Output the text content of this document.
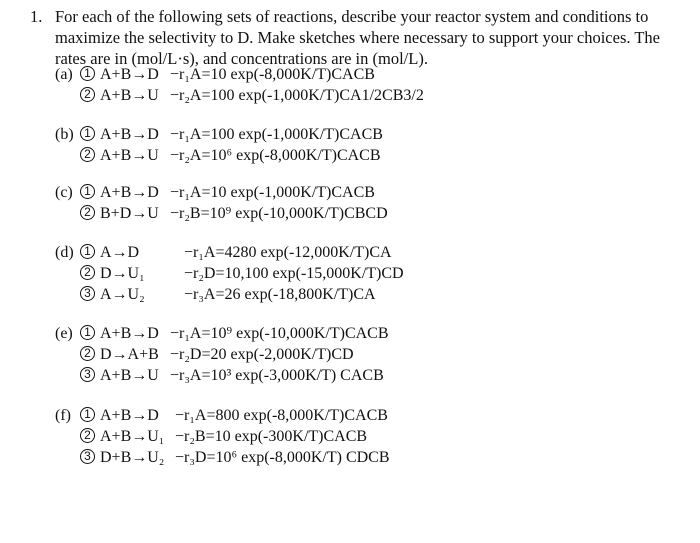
1. For each of the following sets of reactions, describe your reactor system and conditions to
maximize the selectivity to D. Make sketches where necessary to support your choices. The
rates are in (mol/L·s), and concentrations are in (mol/L).
(a) 1 A+B→D −r₁A=10 exp(-8,000K/T)CACB
2 A+B→U −r₂A=100 exp(-1,000K/T)CA1/2CB3/2
(b) 1 A+B→D −r₁A=100 exp(-1,000K/T)CACB
2 A+B→U −r₂A=10⁶ exp(-8,000K/T)CACB
(c) 1 A+B→D −r₁A=10 exp(-1,000K/T)CACB
2 B+D→U −r₂B=10⁹ exp(-10,000K/T)CBCD
(d) 1 A→D	−r₁A=4280 exp(-12,000K/T)CA
2 D→U₁ −r₂D=10,100 exp(-15,000K/T)CD
3 A→U₂ −r₃A=26 exp(-18,800K/T)CA
(e) 1 A+B→D −r₁A=10⁹ exp(-10,000K/T)CACB
2 D→A+B −r₂D=20 exp(-2,000K/T)CD
3 A+B→U −r₃A=10³ exp(-3,000K/T) CACB
(f)	1 A+B→D −r₁A=800 exp(-8,000K/T)CACB
2 A+B→U₁ −r₂B=10 exp(-300K/T)CACB
3 D+B→U₂ −r₃D=10⁶ exp(-8,000K/T) CDCB
